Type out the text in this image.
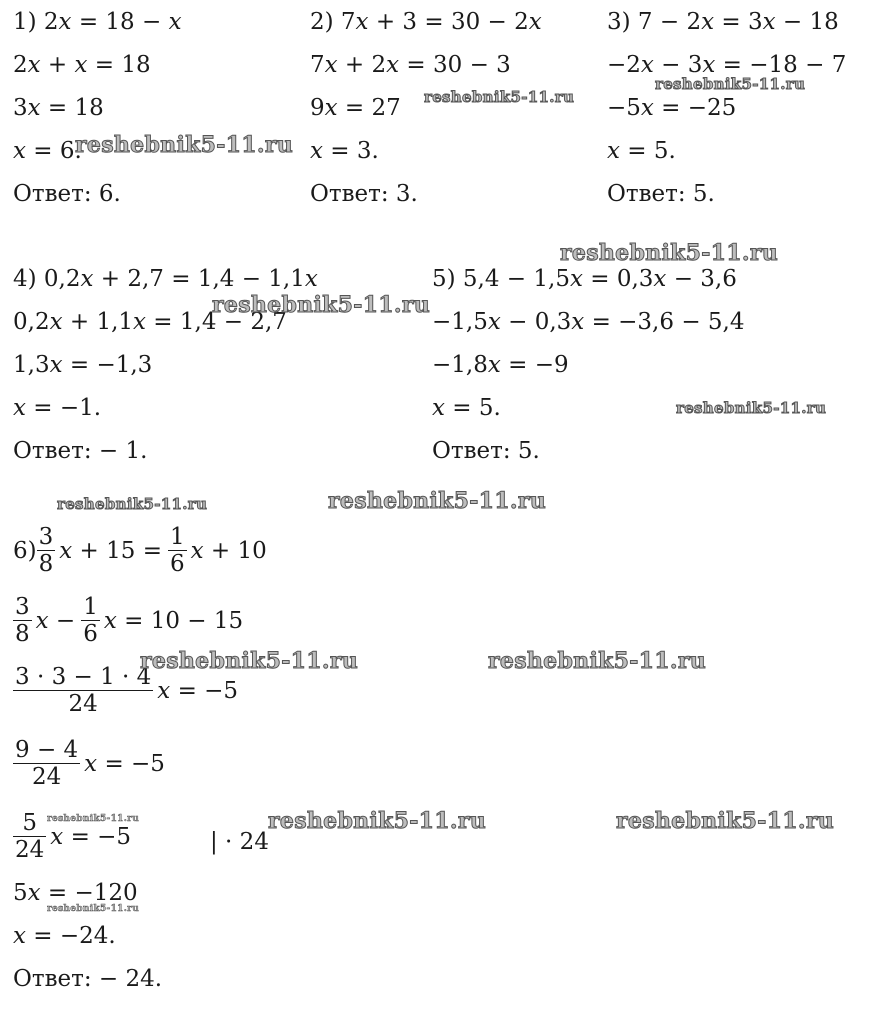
1) 2𝑥 = 18 − 𝑥
2𝑥 + 𝑥 = 18
3𝑥 = 18
𝑥 = 6.
Ответ: 6.
2) 7𝑥 + 3 = 30 − 2𝑥
7𝑥 + 2𝑥 = 30 − 3
9𝑥 = 27
𝑥 = 3.
Ответ: 3.
3) 7 − 2𝑥 = 3𝑥 − 18
−2𝑥 − 3𝑥 = −18 − 7
−5𝑥 = −25
𝑥 = 5.
Ответ: 5.
4) 0,2𝑥 + 2,7 = 1,4 − 1,1𝑥
0,2𝑥 + 1,1𝑥 = 1,4 − 2,7
1,3𝑥 = −1,3
𝑥 = −1.
Ответ: − 1.
5) 5,4 − 1,5𝑥 = 0,3𝑥 − 3,6
−1,5𝑥 − 0,3𝑥 = −3,6 − 5,4
−1,8𝑥 = −9
𝑥 = 5.
Ответ: 5.
$6) \frac{3}{8}$ 𝑥 + $15 = \frac{1}{6}$ 𝑥 + 10
$\frac{3}{8}$ 𝑥 − $\frac{1}{6}$ 𝑥 = 10 − 15
$\frac{3 \cdot 3 - 1 \cdot 4}{24}$ 𝑥 = −5
$\frac{9 - 4}{24}$ 𝑥 = −5
$\frac{5}{24}$ 𝑥 = −5	| · 24
5𝑥 = −120
𝑥 = −24.
Ответ: − 24.
reshebnik5-11.ru
reshebnik5-11.ru
reshebnik5-11.ru
reshebnik5-11.ru
reshebnik5-11.ru
reshebnik5-11.ru
reshebnik5-11.ru	reshebnik5-11.ru
reshebnik5-11.ru	reshebnik5-11.ru
reshebnik5-11.ru	reshebnik5-11.ru	reshebnik5-11.ru
reshebnik5-11.ru
